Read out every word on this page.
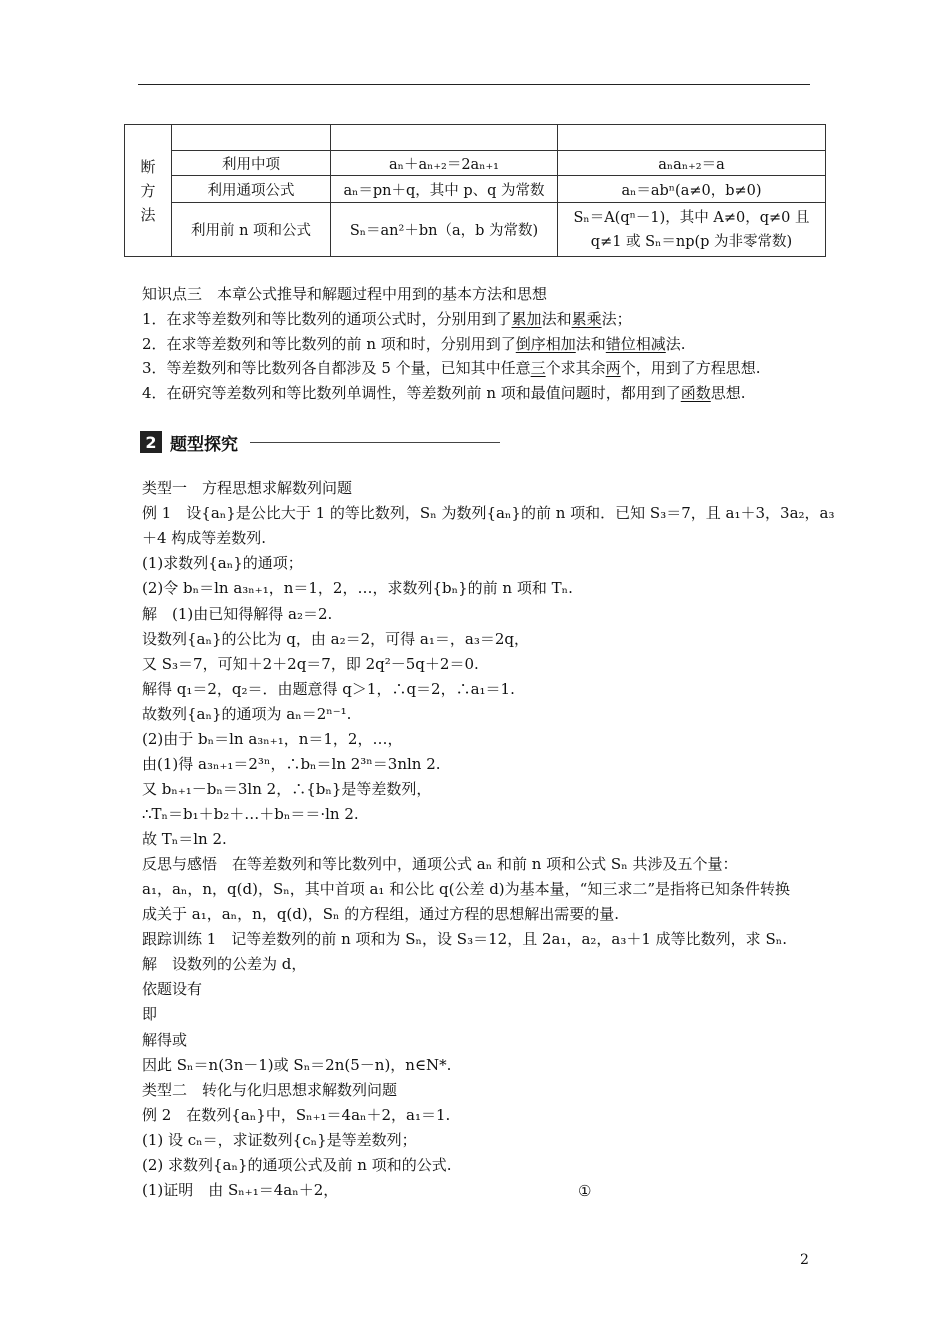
断
方
法			

	利用中项	aₙ＋aₙ₊₂＝2aₙ₊₁	aₙaₙ₊₂＝a
	利用通项公式	aₙ＝pn＋q，其中 p、q 为常数	aₙ＝abⁿ(a≠0，b≠0)
	利用前 n 项和公式	Sₙ＝an²＋bn（a，b 为常数)	Sₙ＝A(qⁿ－1)，其中 A≠0，q≠0 且
q≠1 或 Sₙ＝np(p 为非零常数)
知识点三　本章公式推导和解题过程中用到的基本方法和思想
1．在求等差数列和等比数列的通项公式时，分别用到了累加法和累乘法；
2．在求等差数列和等比数列的前 n 项和时，分别用到了倒序相加法和错位相减法.
3．等差数列和等比数列各自都涉及 5 个量，已知其中任意三个求其余两个，用到了方程思想.
4．在研究等差数列和等比数列单调性，等差数列前 n 项和最值问题时，都用到了函数思想.
2 题型探究
类型一　方程思想求解数列问题
例 1　设{aₙ}是公比大于 1 的等比数列，Sₙ 为数列{aₙ}的前 n 项和．已知 S₃＝7，且 a₁＋3，3a₂，a₃
＋4 构成等差数列.
(1)求数列{aₙ}的通项；
(2)令 bₙ＝ln a₃ₙ₊₁，n＝1，2，…，求数列{bₙ}的前 n 项和 Tₙ.
解　(1)由已知得解得 a₂＝2.
设数列{aₙ}的公比为 q，由 a₂＝2，可得 a₁＝，a₃＝2q，
又 S₃＝7，可知＋2＋2q＝7，即 2q²－5q＋2＝0.
解得 q₁＝2，q₂＝．由题意得 q＞1，∴q＝2，∴a₁＝1.
故数列{aₙ}的通项为 aₙ＝2ⁿ⁻¹.
(2)由于 bₙ＝ln a₃ₙ₊₁，n＝1，2，…，
由(1)得 a₃ₙ₊₁＝2³ⁿ，∴bₙ＝ln 2³ⁿ＝3nln 2.
又 bₙ₊₁－bₙ＝3ln 2，∴{bₙ}是等差数列，
∴Tₙ＝b₁＋b₂＋…＋bₙ＝＝·ln 2.
故 Tₙ＝ln 2.
反思与感悟　在等差数列和等比数列中，通项公式 aₙ 和前 n 项和公式 Sₙ 共涉及五个量：
a₁，aₙ，n，q(d)，Sₙ，其中首项 a₁ 和公比 q(公差 d)为基本量，“知三求二”是指将已知条件转换
成关于 a₁，aₙ，n，q(d)，Sₙ 的方程组，通过方程的思想解出需要的量.
跟踪训练 1　记等差数列的前 n 项和为 Sₙ，设 S₃＝12，且 2a₁，a₂，a₃＋1 成等比数列，求 Sₙ.
解　设数列的公差为 d，
依题设有
即
解得或
因此 Sₙ＝n(3n－1)或 Sₙ＝2n(5－n)，n∈N*.
类型二　转化与化归思想求解数列问题
例 2　在数列{aₙ}中，Sₙ₊₁＝4aₙ＋2，a₁＝1.
(1) 设 cₙ＝，求证数列{cₙ}是等差数列；
(2) 求数列{aₙ}的通项公式及前 n 项和的公式.
(1)证明　由 Sₙ₊₁＝4aₙ＋2，	①
2
